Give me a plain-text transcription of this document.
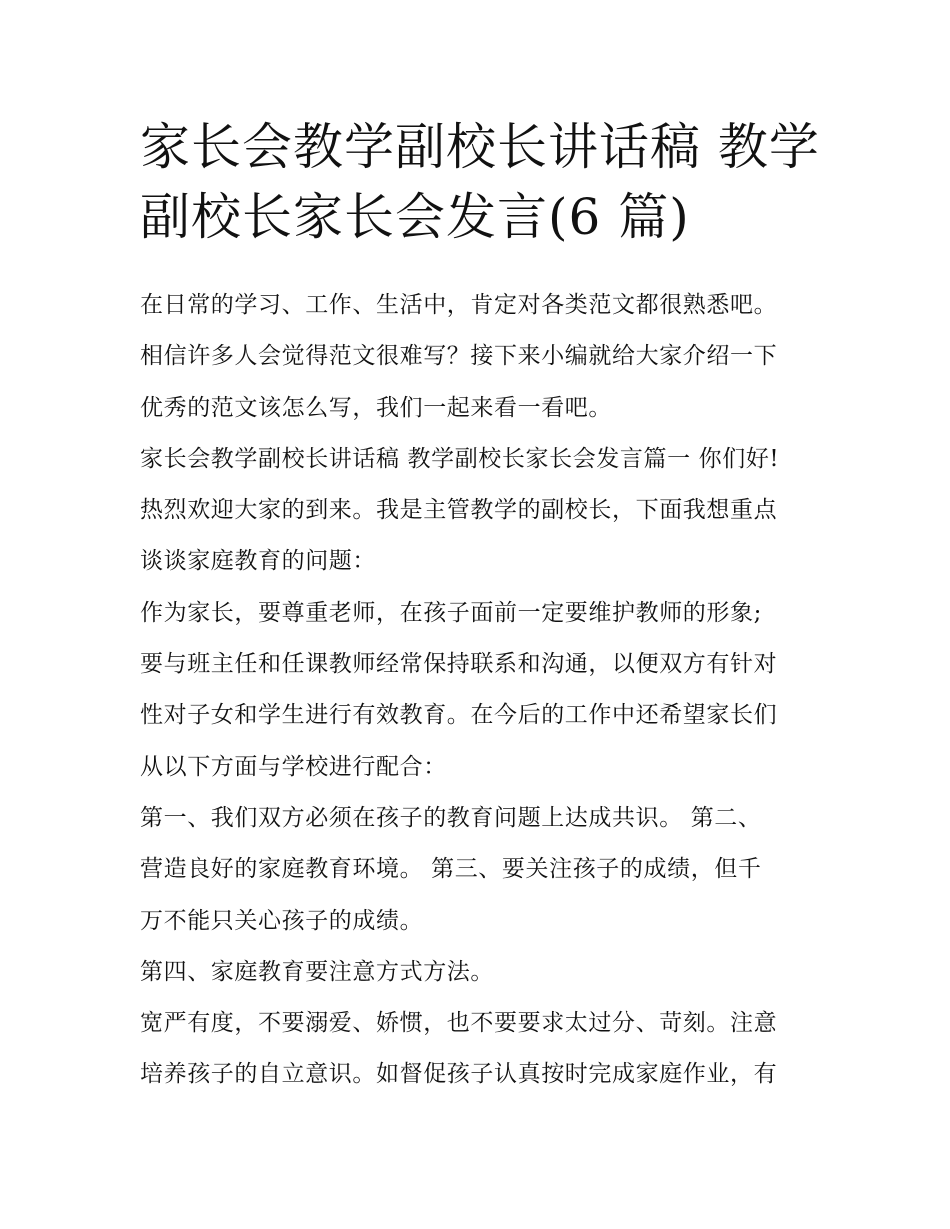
家长会教学副校长讲话稿 教学
副校长家长会发言(6 篇)
在日常的学习、工作、生活中，肯定对各类范文都很熟悉吧。
相信许多人会觉得范文很难写？接下来小编就给大家介绍一下
优秀的范文该怎么写，我们一起来看一看吧。
家长会教学副校长讲话稿 教学副校长家长会发言篇一 你们好!
热烈欢迎大家的到来。我是主管教学的副校长，下面我想重点
谈谈家庭教育的问题：
作为家长，要尊重老师，在孩子面前一定要维护教师的形象;
要与班主任和任课教师经常保持联系和沟通，以便双方有针对
性对子女和学生进行有效教育。在今后的工作中还希望家长们
从以下方面与学校进行配合：
第一、我们双方必须在孩子的教育问题上达成共识。 第二、
营造良好的家庭教育环境。 第三、要关注孩子的成绩，但千
万不能只关心孩子的成绩。
第四、家庭教育要注意方式方法。
宽严有度，不要溺爱、娇惯，也不要要求太过分、苛刻。注意
培养孩子的自立意识。如督促孩子认真按时完成家庭作业，有
